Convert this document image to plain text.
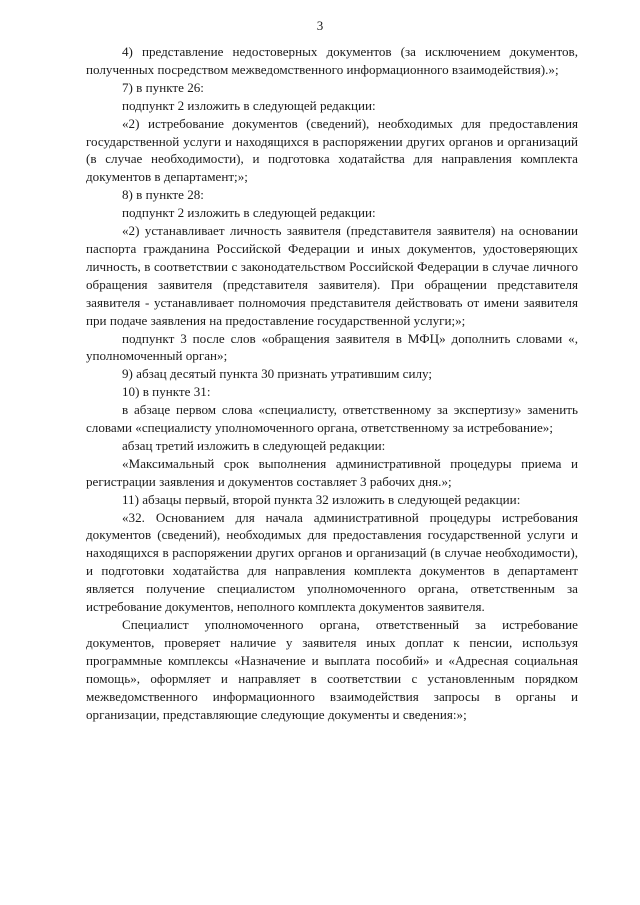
3

4) представление недостоверных документов (за исключением документов, полученных посредством межведомственного информационного взаимодействия).»;

7) в пункте 26:

подпункт 2 изложить в следующей редакции:

«2) истребование документов (сведений), необходимых для предоставления государственной услуги и находящихся в распоряжении других органов и организаций (в случае необходимости), и подготовка ходатайства для направления комплекта документов в департамент;»;

8) в пункте 28:

подпункт 2 изложить в следующей редакции:

«2) устанавливает личность заявителя (представителя заявителя) на основании паспорта гражданина Российской Федерации и иных документов, удостоверяющих личность, в соответствии с законодательством Российской Федерации в случае личного обращения заявителя (представителя заявителя). При обращении представителя заявителя - устанавливает полномочия представителя действовать от имени заявителя при подаче заявления на предоставление государственной услуги;»;

подпункт 3 после слов «обращения заявителя в МФЦ» дополнить словами «, уполномоченный орган»;

9) абзац десятый пункта 30 признать утратившим силу;

10) в пункте 31:

в абзаце первом слова «специалисту, ответственному за экспертизу» заменить словами «специалисту уполномоченного органа, ответственному за истребование»;

абзац третий изложить в следующей редакции:

«Максимальный срок выполнения административной процедуры приема и регистрации заявления и документов составляет 3 рабочих дня.»;

11) абзацы первый, второй пункта 32 изложить в следующей редакции:

«32. Основанием для начала административной процедуры истребования документов (сведений), необходимых для предоставления государственной услуги и находящихся в распоряжении других органов и организаций (в случае необходимости), и подготовки ходатайства для направления комплекта документов в департамент является получение специалистом уполномоченного органа, ответственным за истребование документов, неполного комплекта документов заявителя.

Специалист уполномоченного органа, ответственный за истребование документов, проверяет наличие у заявителя иных доплат к пенсии, используя программные комплексы «Назначение и выплата пособий» и «Адресная социальная помощь», оформляет и направляет в соответствии с установленным порядком межведомственного информационного взаимодействия запросы в органы и организации, представляющие следующие документы и сведения:»;
